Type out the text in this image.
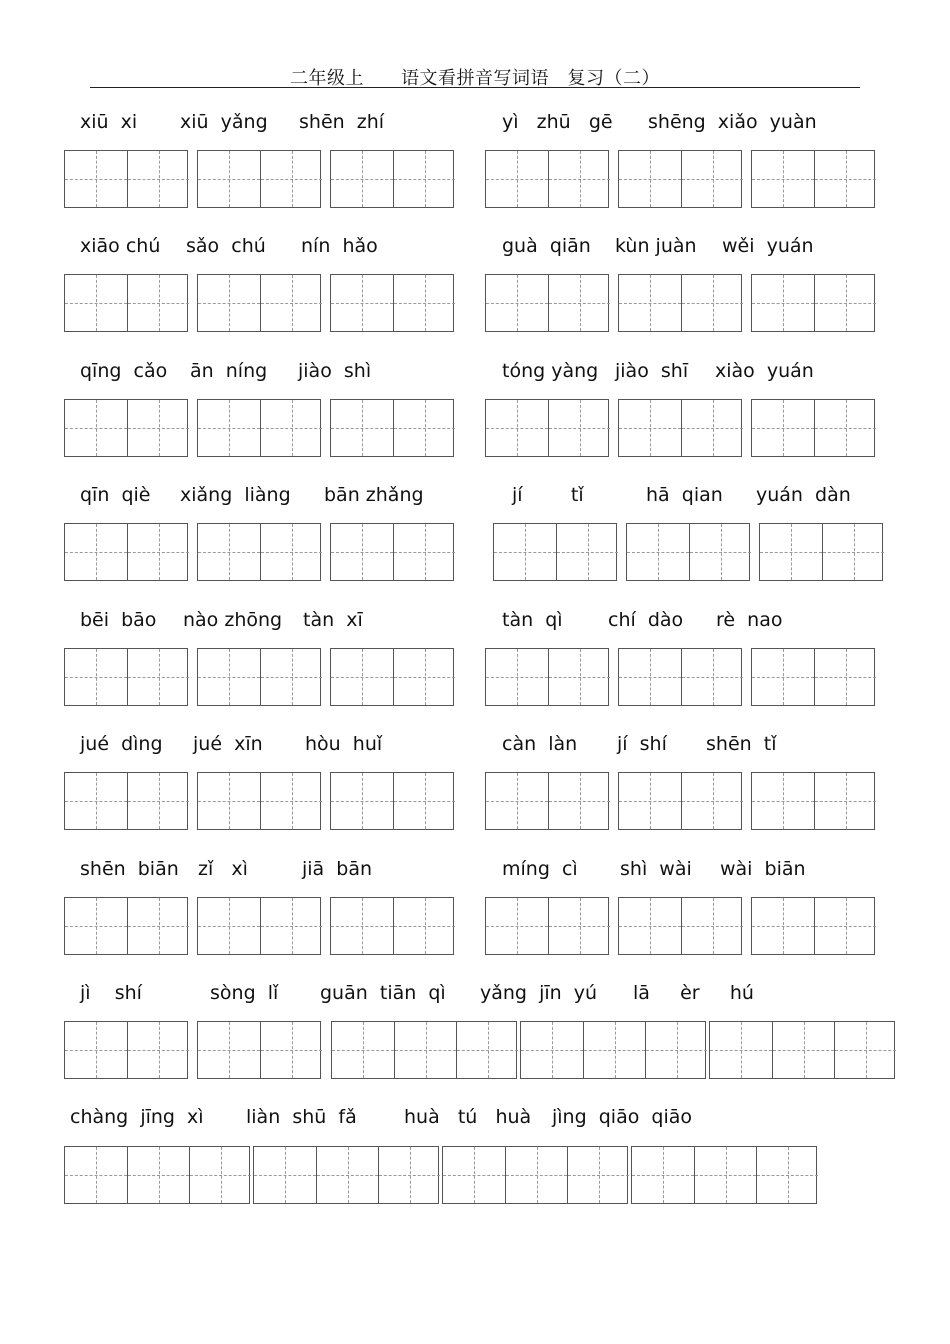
二年级上　　语文看拼音写词语　复习（二）
xiū  xi xiū  yǎng shēn  zhí	yì   zhū   gē shēng  xiǎo  yuàn
xiāo chú sǎo  chú nín  hǎo	guà  qiān kùn juàn wěi  yuán
qīng  cǎo ān  níng jiào  shì	tóng yàng jiào  shī xiào  yuán
qīn  qiè xiǎng  liàng bān zhǎng	jí        tǐ	hā  qian yuán  dàn
bēi  bāo nào zhōng tàn  xī	tàn  qì chí  dào rè  nao
jué  dìng jué  xīn hòu  huǐ	càn  làn jí  shí shēn  tǐ
shēn  biān zǐ   xì	jiā  bān	míng  cì shì  wài wài  biān
jì    shí	sòng  lǐ guān  tiān  qì yǎng  jīn  yú lā     èr     hú
chàng  jīng  xì liàn  shū  fǎ huà   tú   huà jìng  qiāo  qiāo
